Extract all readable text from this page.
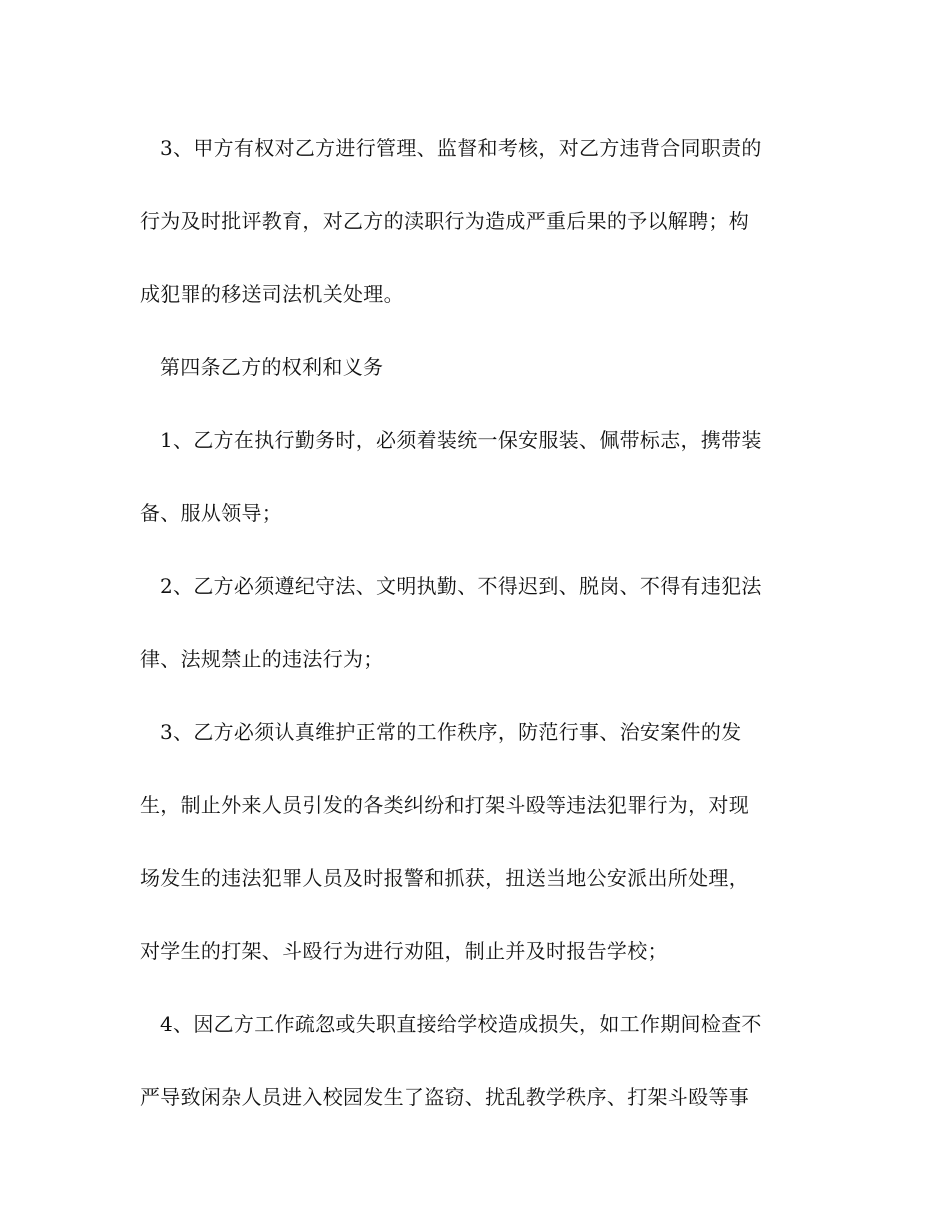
3、甲方有权对乙方进行管理、监督和考核，对乙方违背合同职责的
行为及时批评教育，对乙方的渎职行为造成严重后果的予以解聘；构
成犯罪的移送司法机关处理。
第四条乙方的权利和义务
1、乙方在执行勤务时，必须着装统一保安服装、佩带标志，携带装
备、服从领导；
2、乙方必须遵纪守法、文明执勤、不得迟到、脱岗、不得有违犯法
律、法规禁止的违法行为；
3、乙方必须认真维护正常的工作秩序，防范行事、治安案件的发
生，制止外来人员引发的各类纠纷和打架斗殴等违法犯罪行为，对现
场发生的违法犯罪人员及时报警和抓获，扭送当地公安派出所处理，
对学生的打架、斗殴行为进行劝阻，制止并及时报告学校；
4、因乙方工作疏忽或失职直接给学校造成损失，如工作期间检查不
严导致闲杂人员进入校园发生了盗窃、扰乱教学秩序、打架斗殴等事
